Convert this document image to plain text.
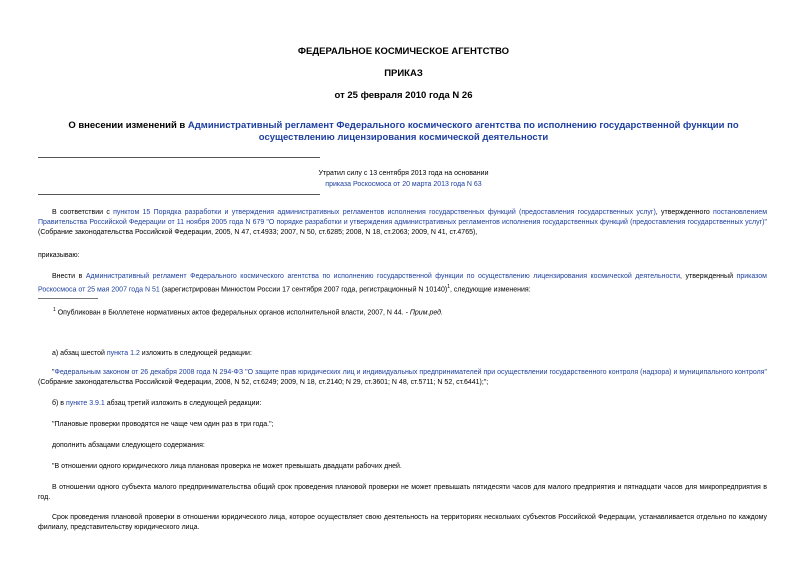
ФЕДЕРАЛЬНОЕ КОСМИЧЕСКОЕ АГЕНТСТВО
ПРИКАЗ
от 25 февраля 2010 года N 26
О внесении изменений в Административный регламент Федерального космического агентства по исполнению государственной функции по осуществлению лицензирования космической деятельности
Утратил силу с 13 сентября 2013 года на основании
приказа Роскосмоса от 20 марта 2013 года N 63
В соответствии с пунктом 15 Порядка разработки и утверждения административных регламентов исполнения государственных функций (предоставления государственных услуг), утвержденного постановлением Правительства Российской Федерации от 11 ноября 2005 года N 679 "О порядке разработки и утверждения административных регламентов исполнения государственных функций (предоставления государственных услуг)" (Собрание законодательства Российской Федерации, 2005, N 47, ст.4933; 2007, N 50, ст.6285; 2008, N 18, ст.2063; 2009, N 41, ст.4765),
приказываю:
Внести в Административный регламент Федерального космического агентства по исполнению государственной функции по осуществлению лицензирования космической деятельности, утвержденный приказом Роскосмоса от 25 мая 2007 года N 51 (зарегистрирован Минюстом России 17 сентября 2007 года, регистрационный N 10140)$^1$, следующие изменения:
$^1$ Опубликован в Бюллетене нормативных актов федеральных органов исполнительной власти, 2007, N 44. - Прим.ред.
а) абзац шестой пункта 1.2 изложить в следующей редакции:
"Федеральным законом от 26 декабря 2008 года N 294-ФЗ "О защите прав юридических лиц и индивидуальных предпринимателей при осуществлении государственного контроля (надзора) и муниципального контроля" (Собрание законодательства Российской Федерации, 2008, N 52, ст.6249; 2009, N 18, ст.2140; N 29, ст.3601; N 48, ст.5711; N 52, ст.6441);";
б) в пункте 3.9.1 абзац третий изложить в следующей редакции:
"Плановые проверки проводятся не чаще чем один раз в три года.";
дополнить абзацами следующего содержания:
"В отношении одного юридического лица плановая проверка не может превышать двадцати рабочих дней.
В отношении одного субъекта малого предпринимательства общий срок проведения плановой проверки не может превышать пятидесяти часов для малого предприятия и пятнадцати часов для микропредприятия в год.
Срок проведения плановой проверки в отношении юридического лица, которое осуществляет свою деятельность на территориях нескольких субъектов Российской Федерации, устанавливается отдельно по каждому филиалу, представительству юридического лица.
